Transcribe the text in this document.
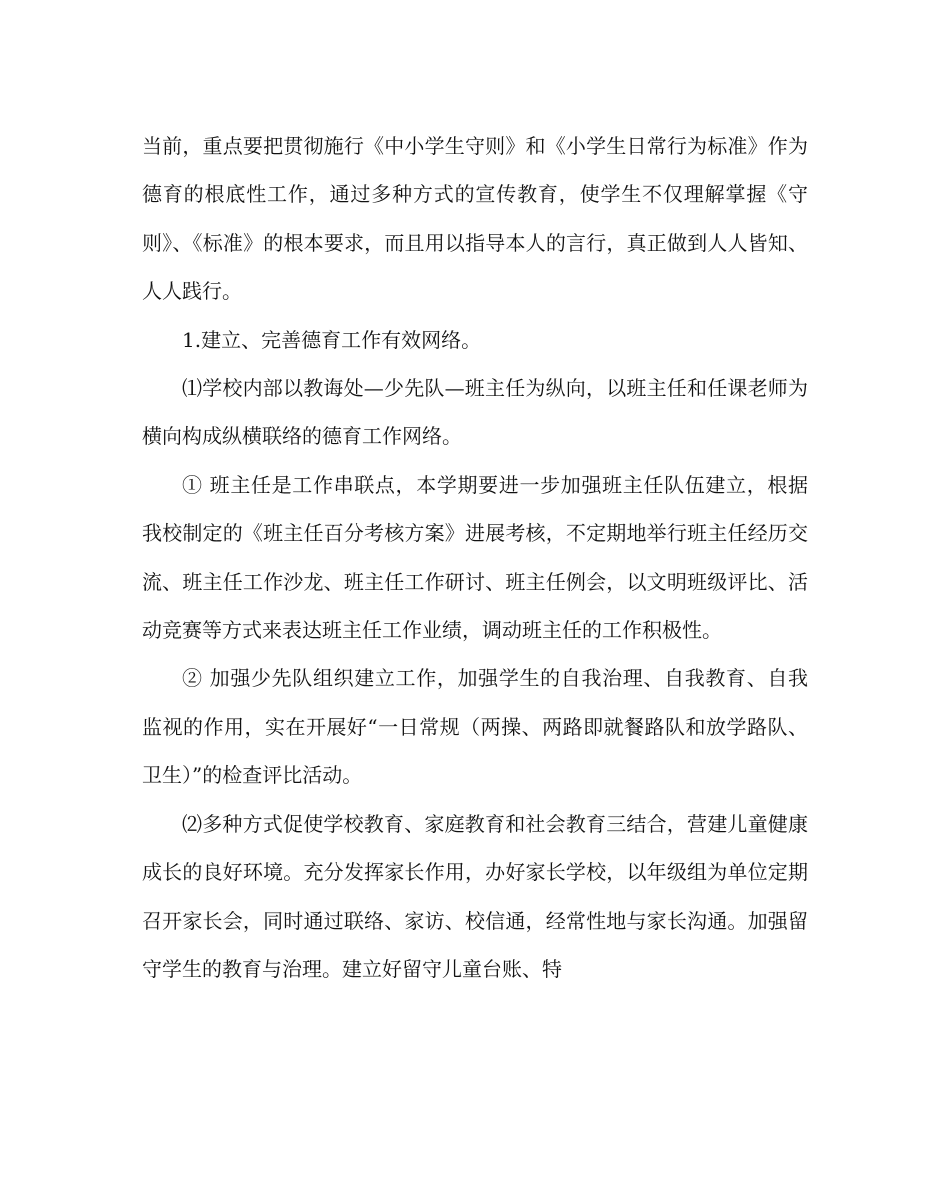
当前，重点要把贯彻施行《中小学生守则》和《小学生日常行为标准》作为德育的根底性工作，通过多种方式的宣传教育，使学生不仅理解掌握《守则》、《标准》的根本要求，而且用以指导本人的言行，真正做到人人皆知、人人践行。

1.建立、完善德育工作有效网络。

⑴学校内部以教诲处—少先队—班主任为纵向，以班主任和任课老师为横向构成纵横联络的德育工作网络。

① 班主任是工作串联点，本学期要进一步加强班主任队伍建立，根据我校制定的《班主任百分考核方案》进展考核，不定期地举行班主任经历交流、班主任工作沙龙、班主任工作研讨、班主任例会，以文明班级评比、活动竞赛等方式来表达班主任工作业绩，调动班主任的工作积极性。

② 加强少先队组织建立工作，加强学生的自我治理、自我教育、自我监视的作用，实在开展好“一日常规（两操、两路即就餐路队和放学路队、卫生）”的检查评比活动。

⑵多种方式促使学校教育、家庭教育和社会教育三结合，营建儿童健康成长的良好环境。充分发挥家长作用，办好家长学校，以年级组为单位定期召开家长会，同时通过联络、家访、校信通，经常性地与家长沟通。加强留守学生的教育与治理。建立好留守儿童台账、特
